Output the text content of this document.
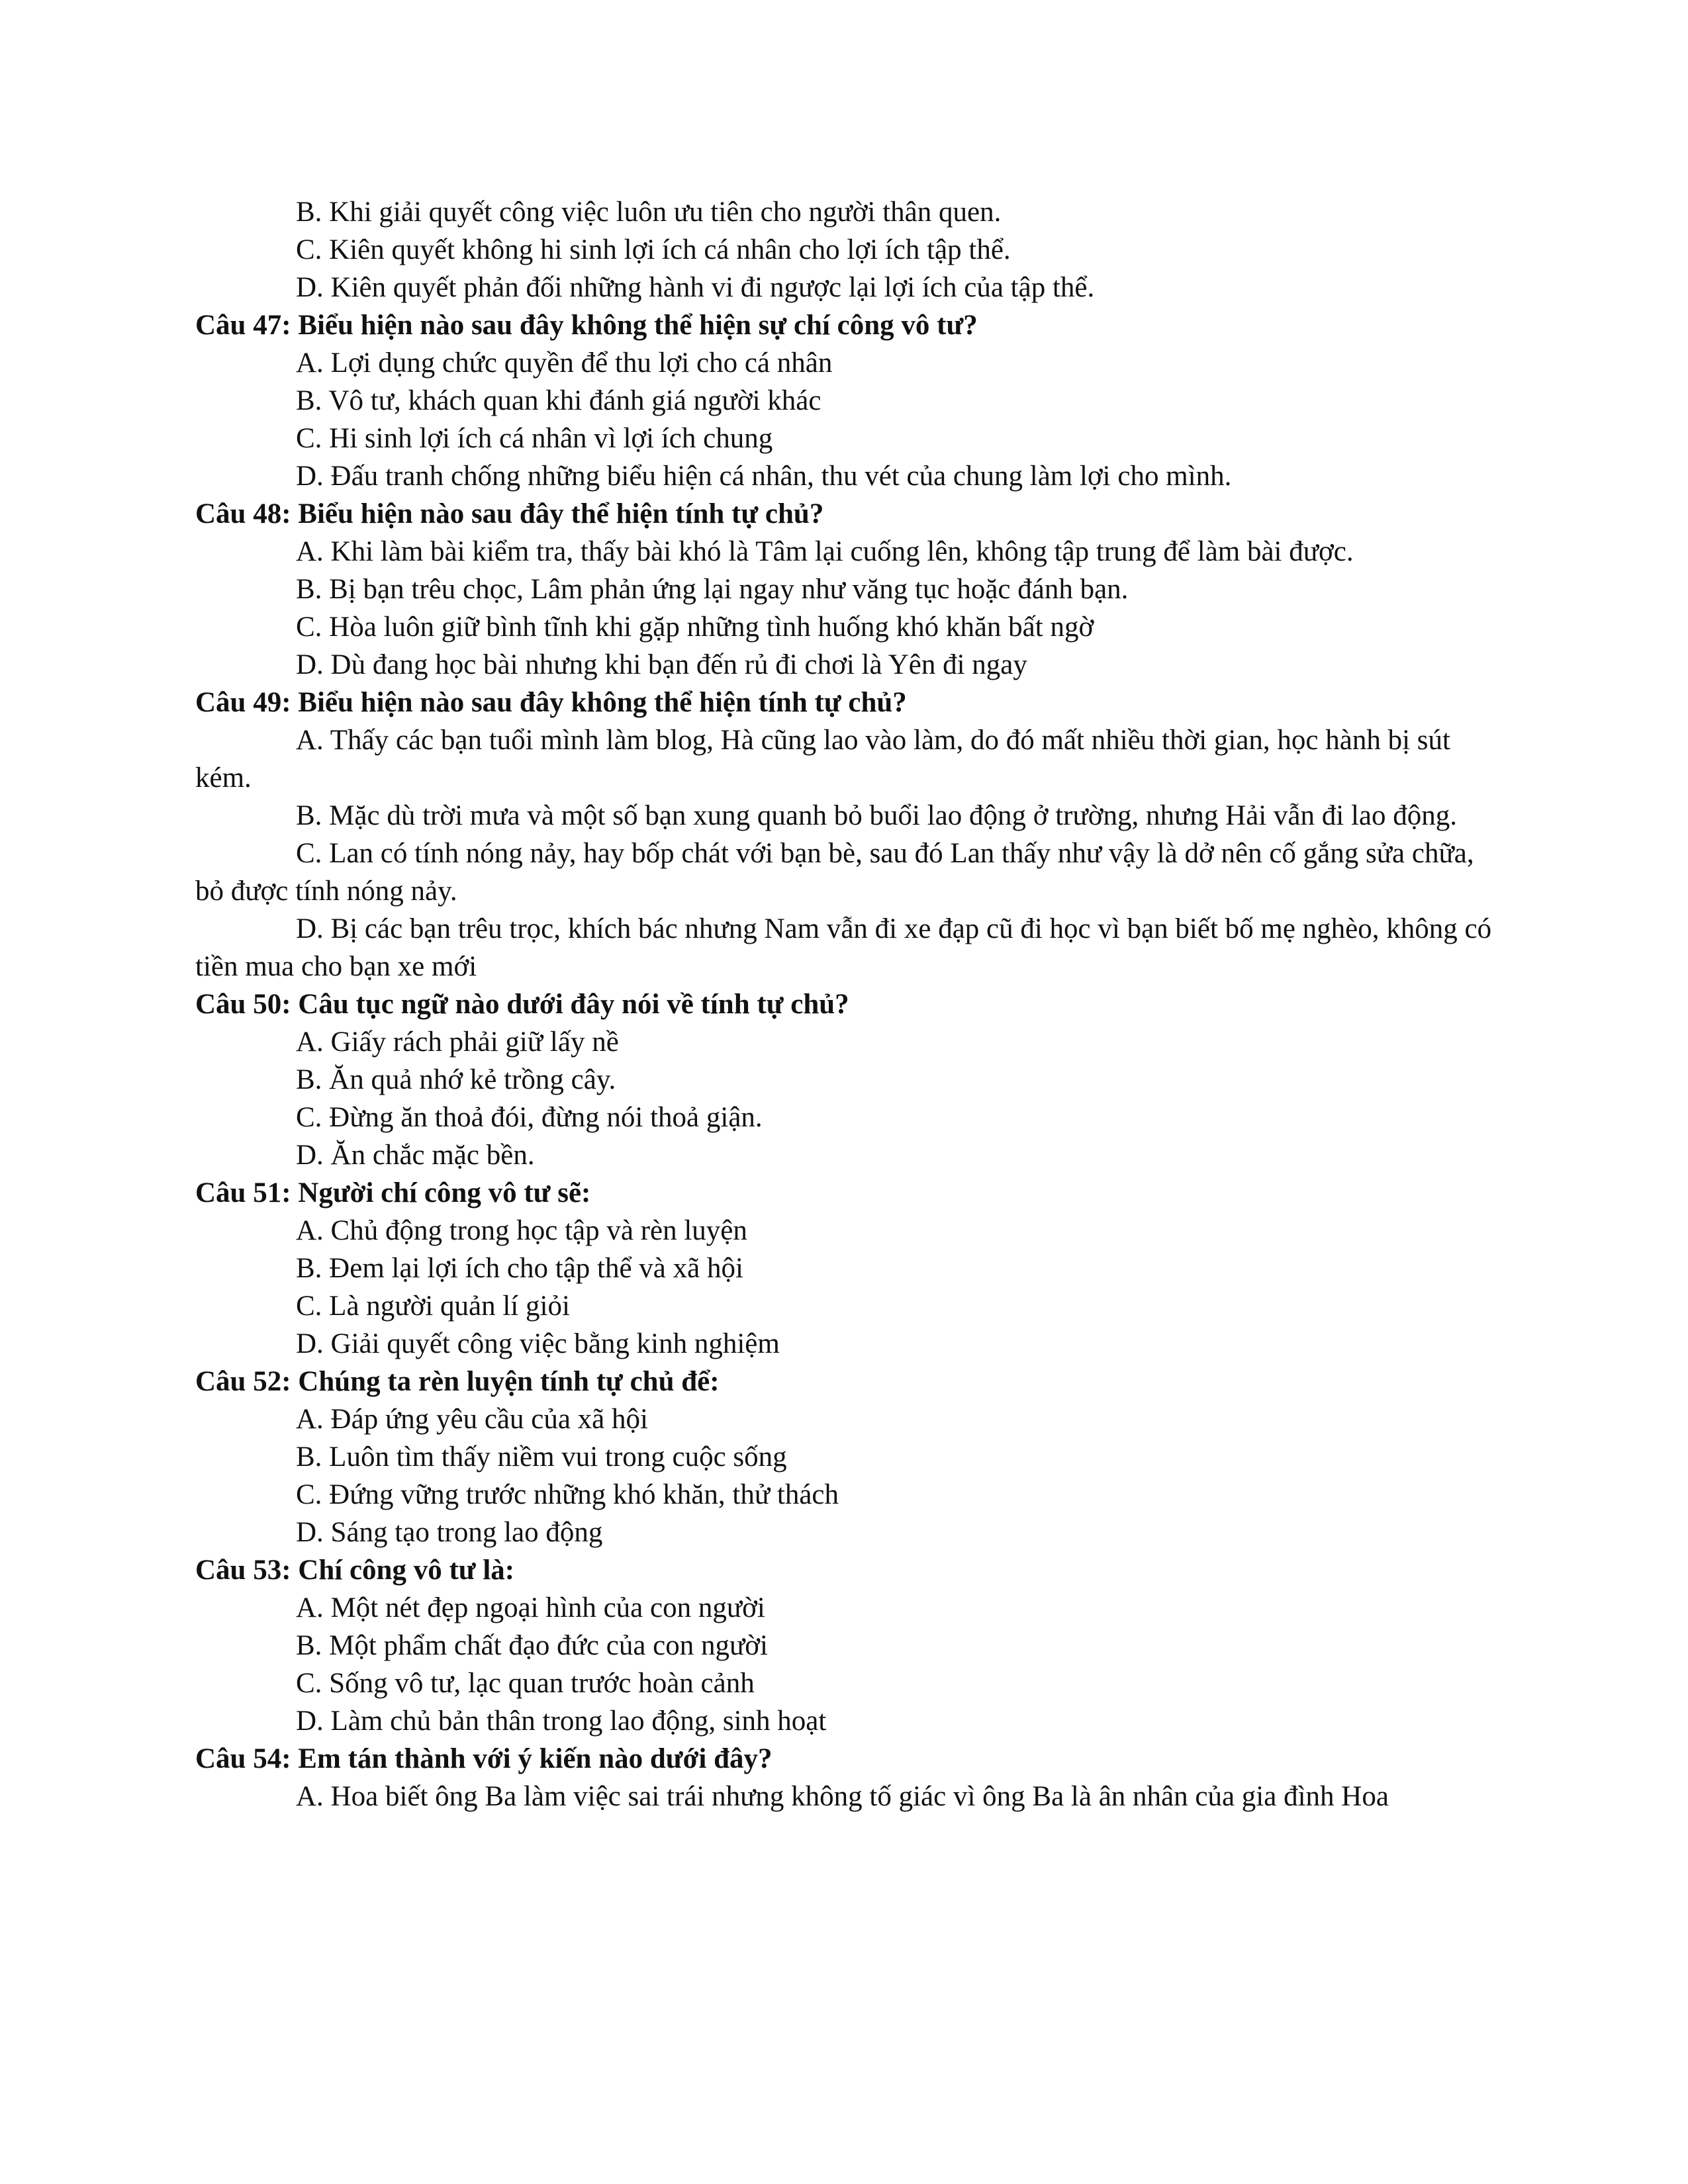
B. Khi giải quyết công việc luôn ưu tiên cho người thân quen.

C. Kiên quyết không hi sinh lợi ích cá nhân cho lợi ích tập thể.

D. Kiên quyết phản đối những hành vi đi ngược lại lợi ích của tập thể.

Câu 47: Biểu hiện nào sau đây không thể hiện sự chí công vô tư?

A. Lợi dụng chức quyền để thu lợi cho cá nhân

B. Vô tư, khách quan khi đánh giá người khác

C. Hi sinh lợi ích cá nhân vì lợi ích chung

D. Đấu tranh chống những biểu hiện cá nhân, thu vét của chung làm lợi cho mình.

Câu 48: Biểu hiện nào sau đây thể hiện tính tự chủ?

A. Khi làm bài kiểm tra, thấy bài khó là Tâm lại cuống lên, không tập trung để làm bài được.

B. Bị bạn trêu chọc, Lâm phản ứng lại ngay như văng tục hoặc đánh bạn.

C. Hòa luôn giữ bình tĩnh khi gặp những tình huống khó khăn bất ngờ

D. Dù đang học bài nhưng khi bạn đến rủ đi chơi là Yên đi ngay

Câu 49: Biểu hiện nào sau đây không thể hiện tính tự chủ?

A. Thấy các bạn tuổi mình làm blog, Hà cũng lao vào làm, do đó mất nhiều thời gian, học hành bị sút kém.

B. Mặc dù trời mưa và một số bạn xung quanh bỏ buổi lao động ở trường, nhưng Hải vẫn đi lao động.

C. Lan có tính nóng nảy, hay bốp chát với bạn bè, sau đó Lan thấy như vậy là dở nên cố gắng sửa chữa, bỏ được tính nóng nảy.

D. Bị các bạn trêu trọc, khích bác nhưng Nam vẫn đi xe đạp cũ đi học vì bạn biết bố mẹ nghèo, không có tiền mua cho bạn xe mới

Câu 50: Câu tục ngữ nào dưới đây nói về tính tự chủ?

A. Giấy rách phải giữ lấy nề

B. Ăn quả nhớ kẻ trồng cây.

C. Đừng ăn thoả đói, đừng nói thoả giận.

D. Ăn chắc mặc bền.

Câu 51: Người chí công vô tư sẽ:

A. Chủ động trong học tập và rèn luyện

B. Đem lại lợi ích cho tập thể và xã hội

C. Là người quản lí giỏi

D. Giải quyết công việc bằng kinh nghiệm

Câu 52: Chúng ta rèn luyện tính tự chủ để:

A. Đáp ứng yêu cầu của xã hội

B. Luôn tìm thấy niềm vui trong cuộc sống

C. Đứng vững trước những khó khăn, thử thách

D. Sáng tạo trong lao động

Câu 53: Chí công vô tư là:

A. Một nét đẹp ngoại hình của con người

B. Một phẩm chất đạo đức của con người

C. Sống vô tư, lạc quan trước hoàn cảnh

D. Làm chủ bản thân trong lao động, sinh hoạt

Câu 54: Em tán thành với ý kiến nào dưới đây?

A. Hoa biết ông Ba làm việc sai trái nhưng không tố giác vì ông Ba là ân nhân của gia đình Hoa
